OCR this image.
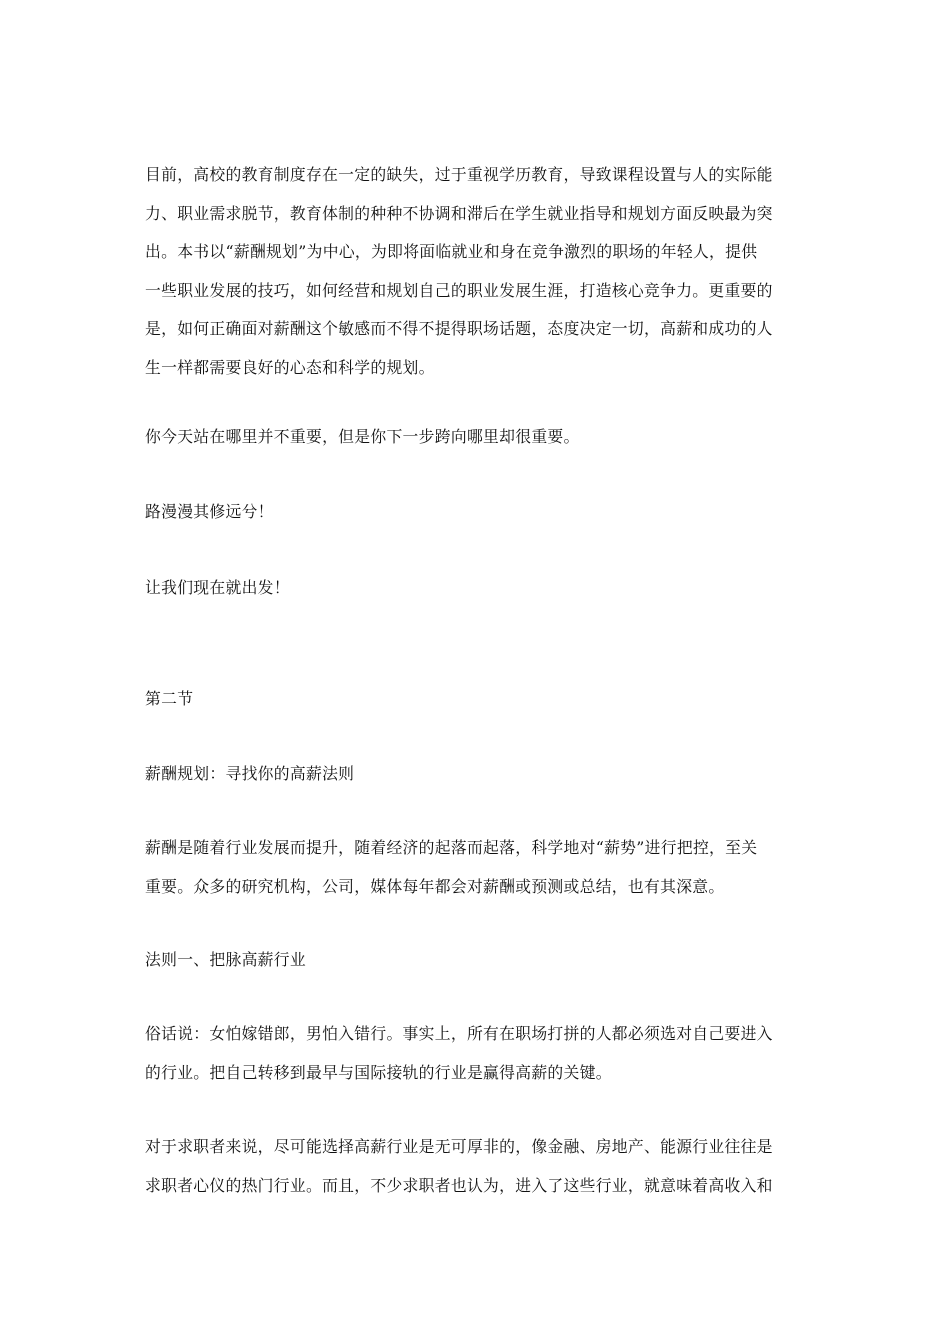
目前，高校的教育制度存在一定的缺失，过于重视学历教育，导致课程设置与人的实际能
力、职业需求脱节，教育体制的种种不协调和滞后在学生就业指导和规划方面反映最为突
出。本书以“薪酬规划”为中心，为即将面临就业和身在竞争激烈的职场的年轻人，提供
一些职业发展的技巧，如何经营和规划自己的职业发展生涯，打造核心竞争力。更重要的
是，如何正确面对薪酬这个敏感而不得不提得职场话题，态度决定一切，高薪和成功的人
生一样都需要良好的心态和科学的规划。
你今天站在哪里并不重要，但是你下一步跨向哪里却很重要。
路漫漫其修远兮！
让我们现在就出发！
第二节
薪酬规划：寻找你的高薪法则
薪酬是随着行业发展而提升，随着经济的起落而起落，科学地对“薪势”进行把控，至关
重要。众多的研究机构，公司，媒体每年都会对薪酬或预测或总结，也有其深意。
法则一、把脉高薪行业
俗话说：女怕嫁错郎，男怕入错行。事实上，所有在职场打拼的人都必须选对自己要进入
的行业。把自己转移到最早与国际接轨的行业是赢得高薪的关键。
对于求职者来说，尽可能选择高薪行业是无可厚非的，像金融、房地产、能源行业往往是
求职者心仪的热门行业。而且，不少求职者也认为，进入了这些行业，就意味着高收入和
